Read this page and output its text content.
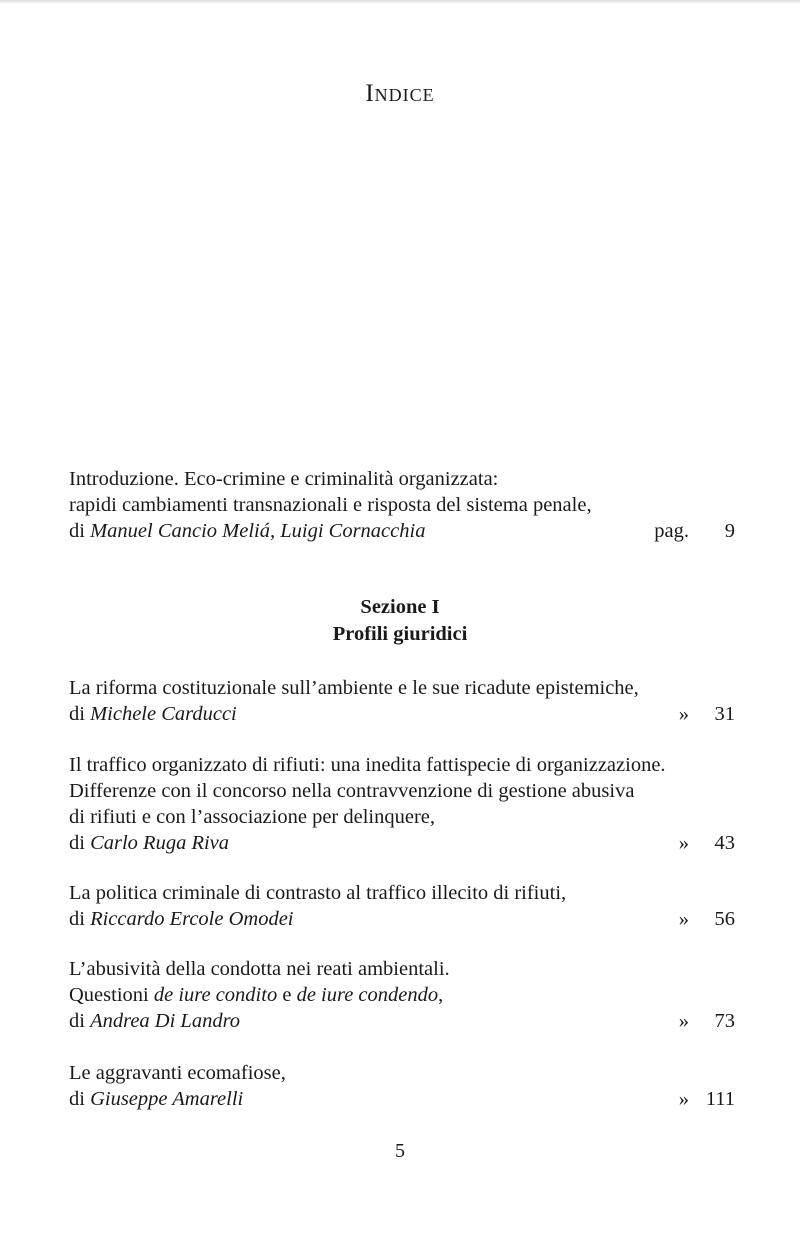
Indice
Introduzione. Eco-crimine e criminalità organizzata:
rapidi cambiamenti transnazionali e risposta del sistema penale,
di Manuel Cancio Meliá, Luigi Cornacchia	pag.	9
Sezione I
Profili giuridici
La riforma costituzionale sull’ambiente e le sue ricadute epistemiche,
di Michele Carducci	»	31
Il traffico organizzato di rifiuti: una inedita fattispecie di organizzazione.
Differenze con il concorso nella contravvenzione di gestione abusiva
di rifiuti e con l’associazione per delinquere,
di Carlo Ruga Riva	»	43
La politica criminale di contrasto al traffico illecito di rifiuti,
di Riccardo Ercole Omodei	»	56
L’abusività della condotta nei reati ambientali.
Questioni de iure condito e de iure condendo,
di Andrea Di Landro	»	73
Le aggravanti ecomafiose,
di Giuseppe Amarelli	» 111
5
